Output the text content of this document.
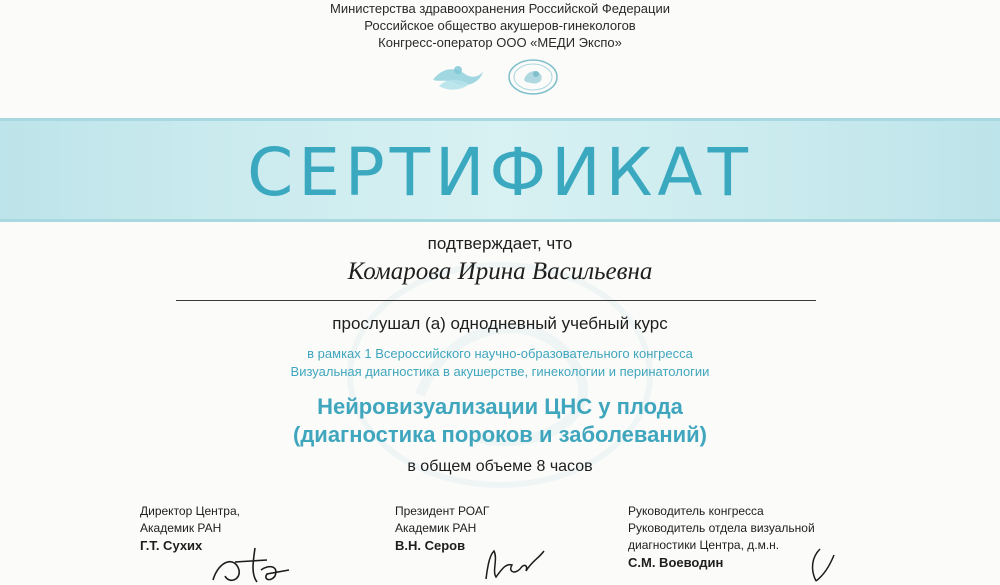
Министерства здравоохранения Российской Федерации
Российское общество акушеров-гинекологов
Конгресс-оператор ООО «МЕДИ Экспо»
СЕРТИФИКАТ
подтверждает, что
Комарова Ирина Васильевна
прослушал (а) однодневный учебный курс
в рамках 1 Всероссийского научно-образовательного конгресса
Визуальная диагностика в акушерстве, гинекологии и перинатологии
Нейровизуализации ЦНС у плода
(диагностика пороков и заболеваний)
в общем объеме 8 часов
Директор Центра,
Академик РАН
Г.Т. Сухих
Президент РОАГ
Академик РАН
В.Н. Серов
Руководитель конгресса
Руководитель отдела визуальной
диагностики Центра, д.м.н.
С.М. Воеводин
